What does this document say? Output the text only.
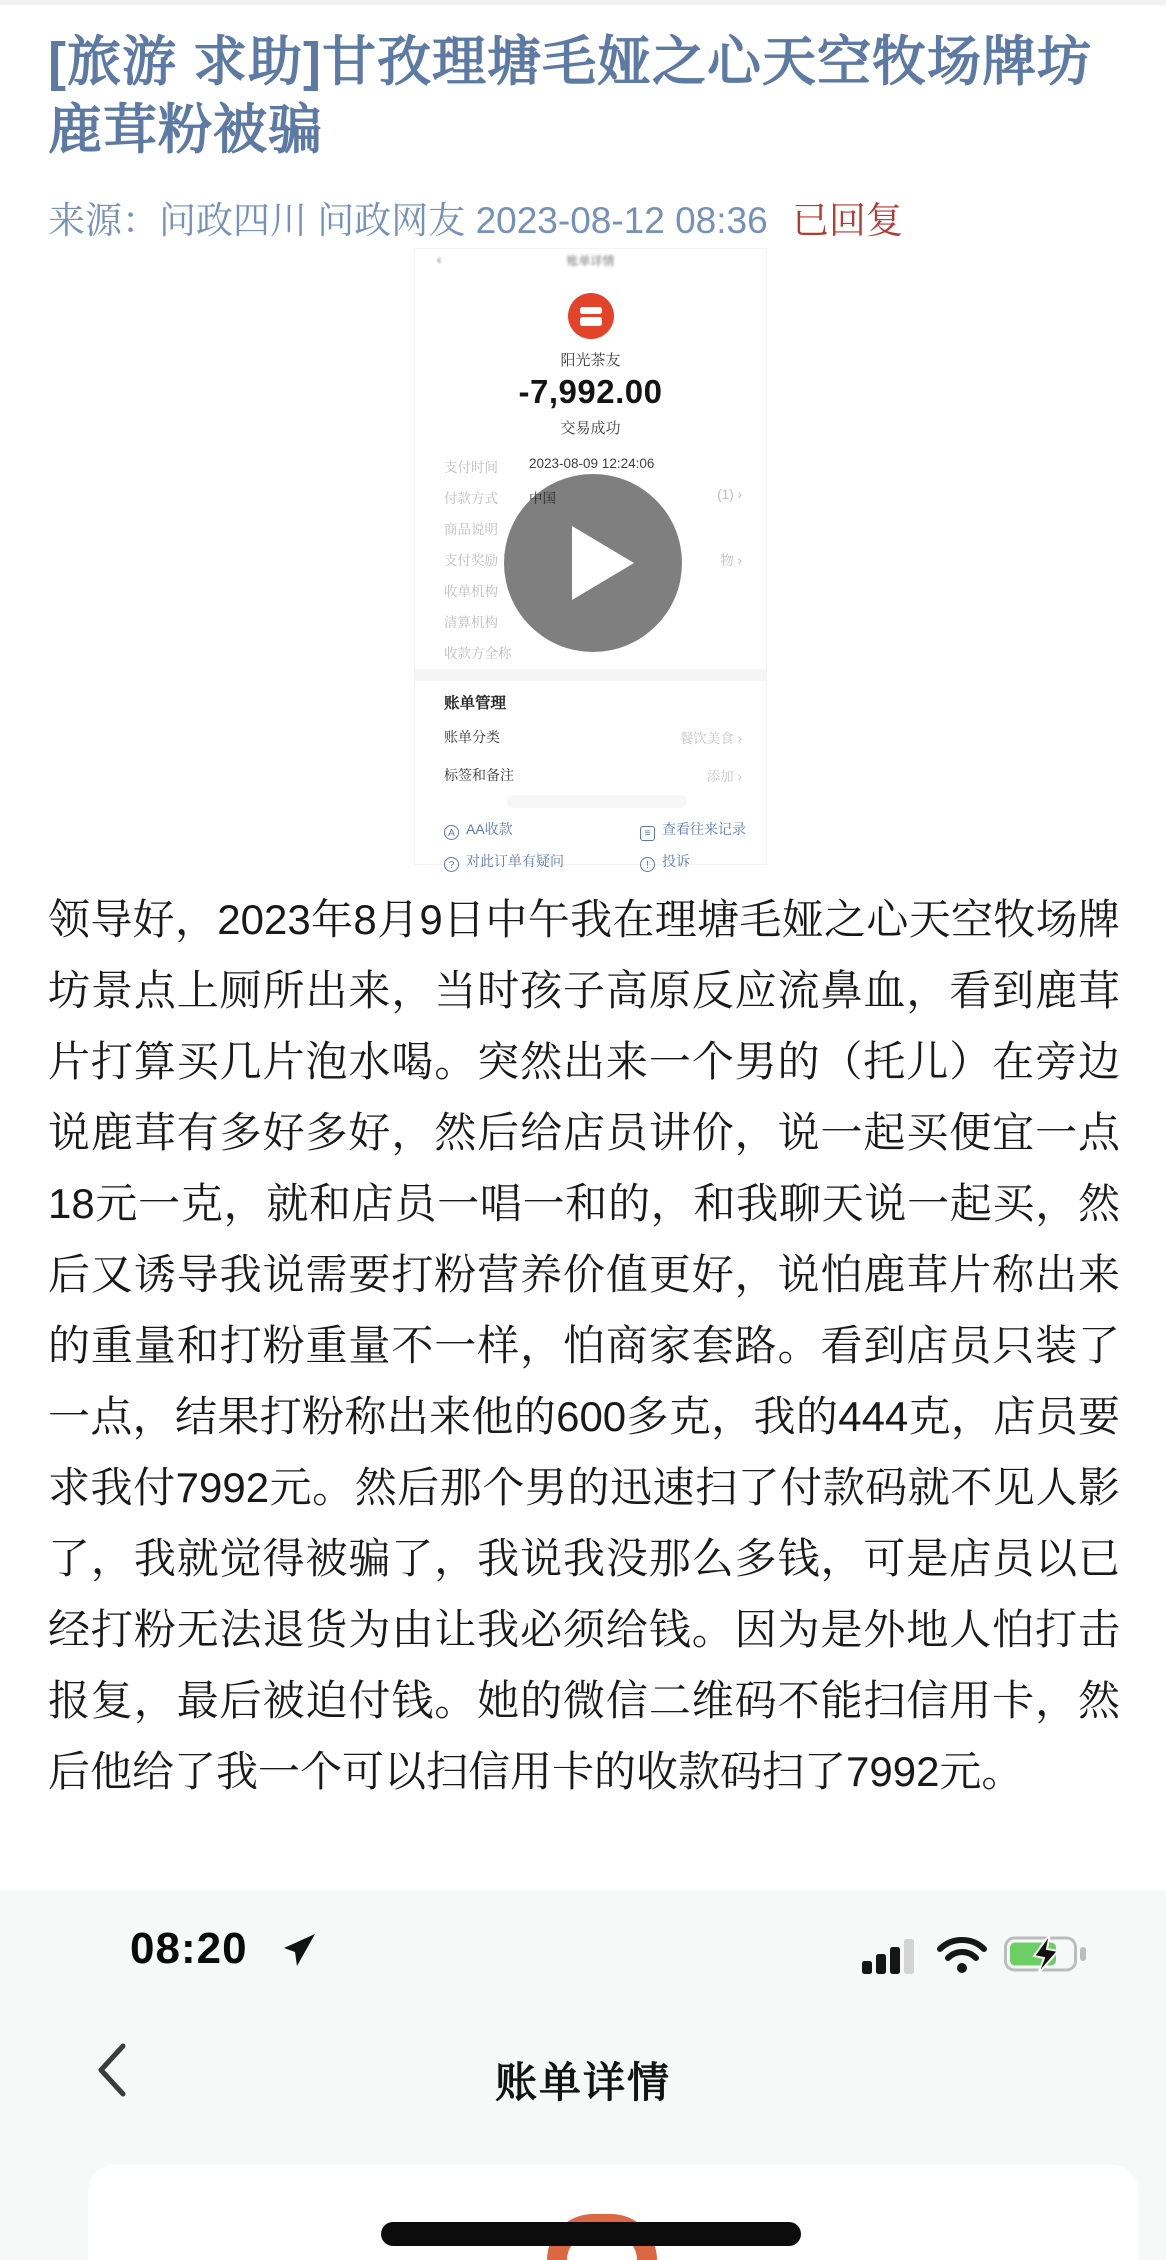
[旅游 求助]甘孜理塘毛娅之心天空牧场牌坊鹿茸粉被骗
来源：问政四川 问政网友 2023-08-12 08:36 已回复
‹	账单详情
阳光茶友
-7,992.00
交易成功
支付时间 2023-08-09 12:24:06
付款方式	(1) ›
商品说明
支付奖励	物 ›
收单机构
清算机构
收款方全称
账单管理
账单分类	餐饮美食 ›
标签和备注	添加 ›
A AA收款	≡ 查看往来记录
? 对此订单有疑问	! 投诉
领导好，2023年8月9日中午我在理塘毛娅之心天空牧场牌坊景点上厕所出来，当时孩子高原反应流鼻血，看到鹿茸片打算买几片泡水喝。突然出来一个男的（托儿）在旁边说鹿茸有多好多好，然后给店员讲价，说一起买便宜一点18元一克，就和店员一唱一和的，和我聊天说一起买，然后又诱导我说需要打粉营养价值更好，说怕鹿茸片称出来的重量和打粉重量不一样，怕商家套路。看到店员只装了一点，结果打粉称出来他的600多克，我的444克，店员要求我付7992元。然后那个男的迅速扫了付款码就不见人影了，我就觉得被骗了，我说我没那么多钱，可是店员以已经打粉无法退货为由让我必须给钱。因为是外地人怕打击报复，最后被迫付钱。她的微信二维码不能扫信用卡，然后他给了我一个可以扫信用卡的收款码扫了7992元。
08:20
账单详情
